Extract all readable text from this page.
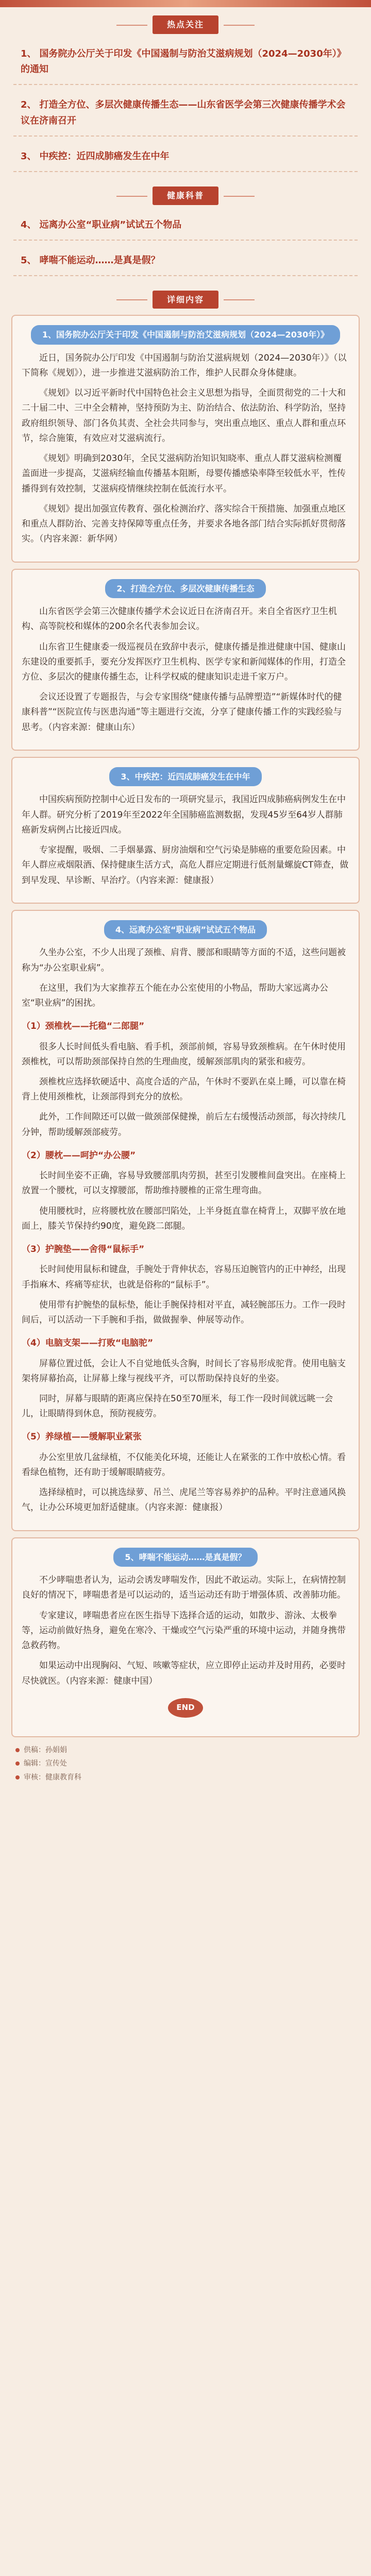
热点关注
1、 国务院办公厅关于印发《中国遏制与防治艾滋病规划（2024—2030年）》的通知
2、 打造全方位、多层次健康传播生态——山东省医学会第三次健康传播学术会议在济南召开
3、 中疾控：近四成肺癌发生在中年
健康科普
4、 远离办公室“职业病”试试五个物品
5、 哮喘不能运动……是真是假？
详细内容
1、国务院办公厅关于印发《中国遏制与防治艾滋病规划（2024—2030年）》

近日，国务院办公厅印发《中国遏制与防治艾滋病规划（2024—2030年）》（以下简称《规划》），进一步推进艾滋病防治工作，维护人民群众身体健康。

《规划》以习近平新时代中国特色社会主义思想为指导，全面贯彻党的二十大和二十届二中、三中全会精神，坚持预防为主、防治结合、依法防治、科学防治，坚持政府组织领导、部门各负其责、全社会共同参与，突出重点地区、重点人群和重点环节，综合施策，有效应对艾滋病流行。

《规划》明确到2030年，全民艾滋病防治知识知晓率、重点人群艾滋病检测覆盖面进一步提高，艾滋病经输血传播基本阻断，母婴传播感染率降至较低水平，性传播得到有效控制，艾滋病疫情继续控制在低流行水平。

《规划》提出加强宣传教育、强化检测治疗、落实综合干预措施、加强重点地区和重点人群防治、完善支持保障等重点任务，并要求各地各部门结合实际抓好贯彻落实。（内容来源：新华网）

2、打造全方位、多层次健康传播生态

山东省医学会第三次健康传播学术会议近日在济南召开。来自全省医疗卫生机构、高等院校和媒体的200余名代表参加会议。

山东省卫生健康委一级巡视员在致辞中表示，健康传播是推进健康中国、健康山东建设的重要抓手，要充分发挥医疗卫生机构、医学专家和新闻媒体的作用，打造全方位、多层次的健康传播生态，让科学权威的健康知识走进千家万户。

会议还设置了专题报告，与会专家围绕“健康传播与品牌塑造”“新媒体时代的健康科普”“医院宣传与医患沟通”等主题进行交流，分享了健康传播工作的实践经验与思考。（内容来源：健康山东）

3、中疾控：近四成肺癌发生在中年

中国疾病预防控制中心近日发布的一项研究显示，我国近四成肺癌病例发生在中年人群。研究分析了2019年至2022年全国肺癌监测数据，发现45岁至64岁人群肺癌新发病例占比接近四成。

专家提醒，吸烟、二手烟暴露、厨房油烟和空气污染是肺癌的重要危险因素。中年人群应戒烟限酒、保持健康生活方式，高危人群应定期进行低剂量螺旋CT筛查，做到早发现、早诊断、早治疗。（内容来源：健康报）

4、远离办公室“职业病”试试五个物品

久坐办公室，不少人出现了颈椎、肩背、腰部和眼睛等方面的不适，这些问题被称为“办公室职业病”。

在这里，我们为大家推荐五个能在办公室使用的小物品，帮助大家远离办公室“职业病”的困扰。

（1）颈椎枕——托稳“二郎腿”

很多人长时间低头看电脑、看手机，颈部前倾，容易导致颈椎病。在午休时使用颈椎枕，可以帮助颈部保持自然的生理曲度，缓解颈部肌肉的紧张和疲劳。

颈椎枕应选择软硬适中、高度合适的产品，午休时不要趴在桌上睡，可以靠在椅背上使用颈椎枕，让颈部得到充分的放松。

此外，工作间隙还可以做一做颈部保健操，前后左右缓慢活动颈部，每次持续几分钟，帮助缓解颈部疲劳。

（2）腰枕——呵护“办公腰”

长时间坐姿不正确，容易导致腰部肌肉劳损，甚至引发腰椎间盘突出。在座椅上放置一个腰枕，可以支撑腰部，帮助维持腰椎的正常生理弯曲。

使用腰枕时，应将腰枕放在腰部凹陷处，上半身挺直靠在椅背上，双脚平放在地面上，膝关节保持约90度，避免跷二郎腿。

（3）护腕垫——舍得“鼠标手”

长时间使用鼠标和键盘，手腕处于背伸状态，容易压迫腕管内的正中神经，出现手指麻木、疼痛等症状，也就是俗称的“鼠标手”。

使用带有护腕垫的鼠标垫，能让手腕保持相对平直，减轻腕部压力。工作一段时间后，可以活动一下手腕和手指，做做握拳、伸展等动作。

（4）电脑支架——打败“电脑驼”

屏幕位置过低，会让人不自觉地低头含胸，时间长了容易形成驼背。使用电脑支架将屏幕抬高，让屏幕上缘与视线平齐，可以帮助保持良好的坐姿。

同时，屏幕与眼睛的距离应保持在50至70厘米，每工作一段时间就远眺一会儿，让眼睛得到休息，预防视疲劳。

（5）养绿植——缓解职业紧张

办公室里放几盆绿植，不仅能美化环境，还能让人在紧张的工作中放松心情。看看绿色植物，还有助于缓解眼睛疲劳。

选择绿植时，可以挑选绿萝、吊兰、虎尾兰等容易养护的品种。平时注意通风换气，让办公环境更加舒适健康。（内容来源：健康报）

5、哮喘不能运动……是真是假？

不少哮喘患者认为，运动会诱发哮喘发作，因此不敢运动。实际上，在病情控制良好的情况下，哮喘患者是可以运动的，适当运动还有助于增强体质、改善肺功能。

专家建议，哮喘患者应在医生指导下选择合适的运动，如散步、游泳、太极拳等，运动前做好热身，避免在寒冷、干燥或空气污染严重的环境中运动，并随身携带急救药物。

如果运动中出现胸闷、气短、咳嗽等症状，应立即停止运动并及时用药，必要时尽快就医。（内容来源：健康中国）

END
供稿：孙娟娟
编辑：宣传处
审核：健康教育科
